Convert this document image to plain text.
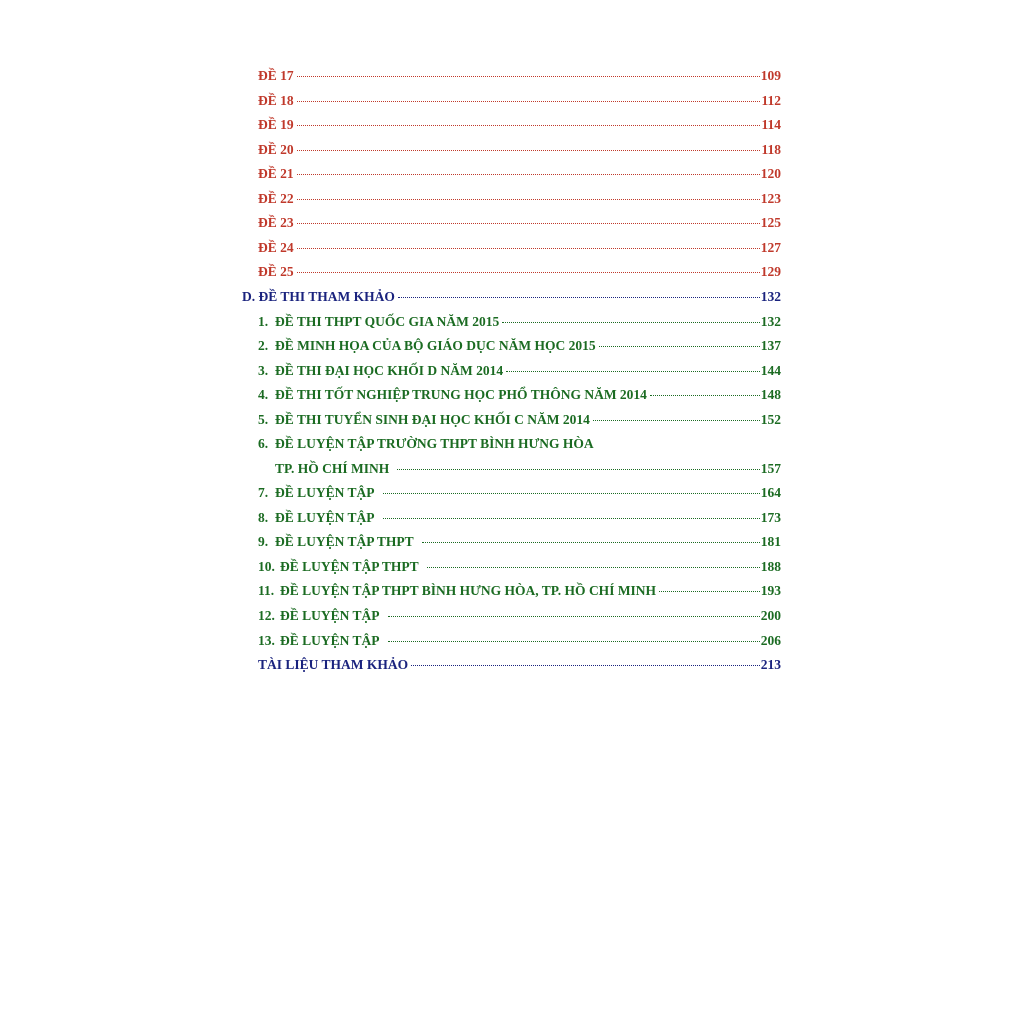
ĐỀ 17	109
ĐỀ 18	112
ĐỀ 19	114
ĐỀ 20	118
ĐỀ 21	120
ĐỀ 22	123
ĐỀ 23	125
ĐỀ 24	127
ĐỀ 25	129
D. ĐỀ THI THAM KHẢO	132
1. ĐỀ THI THPT QUỐC GIA NĂM 2015	132
2. ĐỀ MINH HỌA CỦA BỘ GIÁO DỤC NĂM HỌC 2015	137
3. ĐỀ THI ĐẠI HỌC KHỐI D NĂM 2014	144
4. ĐỀ THI TỐT NGHIỆP TRUNG HỌC PHỔ THÔNG NĂM 2014	148
5. ĐỀ THI TUYỂN SINH ĐẠI HỌC KHỐI C NĂM 2014	152
6. ĐỀ LUYỆN TẬP TRƯỜNG THPT BÌNH HƯNG HÒA
TP. HỒ CHÍ MINH	157
7. ĐỀ LUYỆN TẬP	164
8. ĐỀ LUYỆN TẬP	173
9. ĐỀ LUYỆN TẬP THPT	181
10. ĐỀ LUYỆN TẬP THPT	188
11. ĐỀ LUYỆN TẬP THPT BÌNH HƯNG HÒA, TP. HỒ CHÍ MINH	193
12. ĐỀ LUYỆN TẬP	200
13. ĐỀ LUYỆN TẬP	206
TÀI LIỆU THAM KHẢO	213
